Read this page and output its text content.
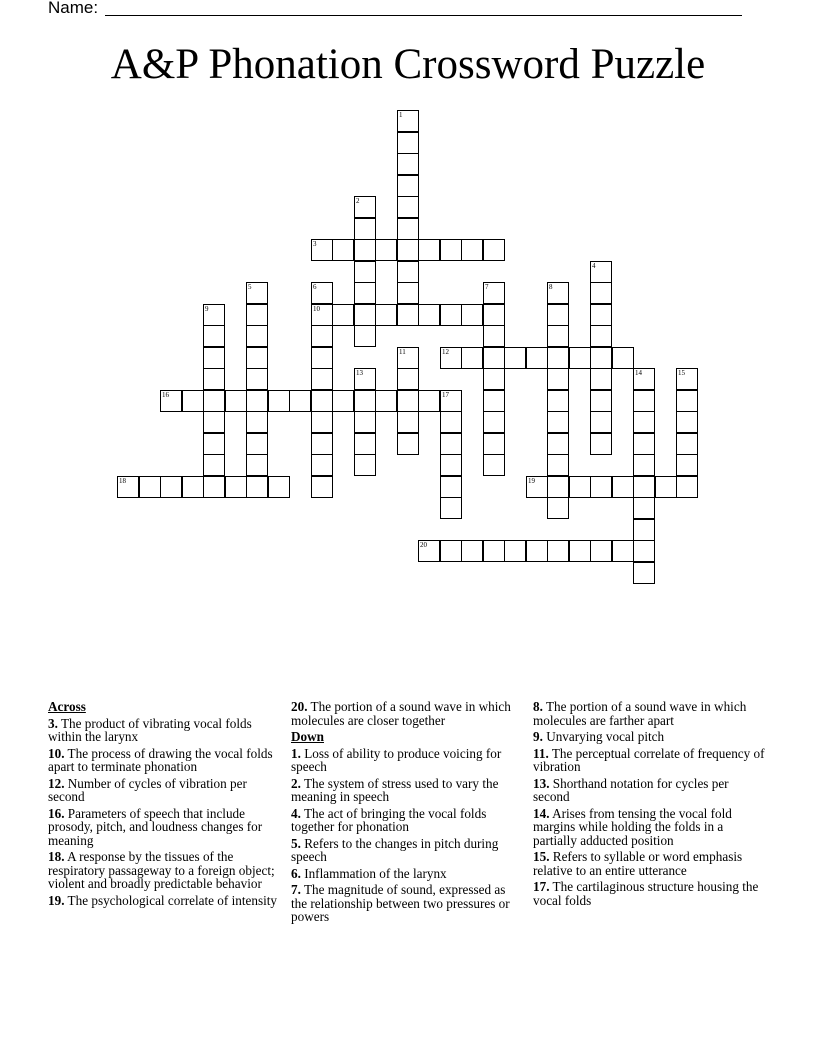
Name:
A&P Phonation Crossword Puzzle
1
2
3
4
5	6
10
7	8
9
11	12
13	14	15
16	17
18	19
20
Across
3. The product of vibrating vocal folds within the larynx
10. The process of drawing the vocal folds apart to terminate phonation
12. Number of cycles of vibration per second
16. Parameters of speech that include prosody, pitch, and loudness changes for meaning
18. A response by the tissues of the respiratory passageway to a foreign object; violent and broadly predictable behavior
19. The psychological correlate of intensity
20. The portion of a sound wave in which molecules are closer together
Down
1. Loss of ability to produce voicing for speech
2. The system of stress used to vary the meaning in speech
4. The act of bringing the vocal folds together for phonation
5. Refers to the changes in pitch during speech
6. Inflammation of the larynx
7. The magnitude of sound, expressed as the relationship between two pressures or powers
8. The portion of a sound wave in which molecules are farther apart
9. Unvarying vocal pitch
11. The perceptual correlate of frequency of vibration
13. Shorthand notation for cycles per second
14. Arises from tensing the vocal fold margins while holding the folds in a partially adducted position
15. Refers to syllable or word emphasis relative to an entire utterance
17. The cartilaginous structure housing the vocal folds
